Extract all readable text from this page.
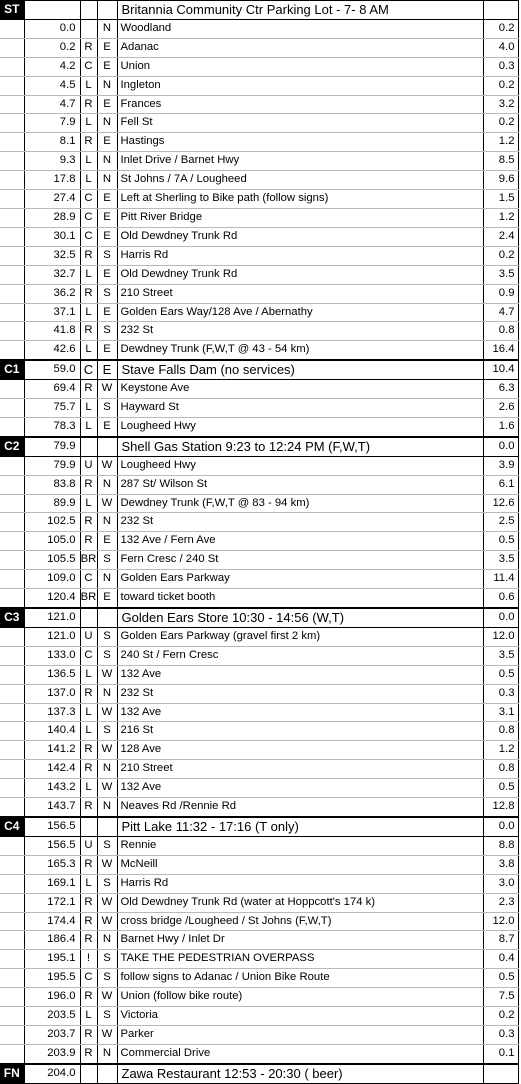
ST				Britannia Community Ctr Parking Lot - 7- 8 AM	
	0.0		N	Woodland	0.2
	0.2	R	E	Adanac	4.0
	4.2	C	E	Union	0.3
	4.5	L	N	Ingleton	0.2
	4.7	R	E	Frances	3.2
	7.9	L	N	Fell St	0.2
	8.1	R	E	Hastings	1.2
	9.3	L	N	Inlet Drive / Barnet Hwy	8.5
	17.8	L	N	St Johns / 7A / Lougheed	9.6
	27.4	C	E	Left at Sherling to Bike path (follow signs)	1.5
	28.9	C	E	Pitt River Bridge	1.2
	30.1	C	E	Old Dewdney Trunk Rd	2.4
	32.5	R	S	Harris Rd	0.2
	32.7	L	E	Old Dewdney Trunk Rd	3.5
	36.2	R	S	210 Street	0.9
	37.1	L	E	Golden Ears Way/128 Ave / Abernathy	4.7
	41.8	R	S	232 St	0.8
	42.6	L	E	Dewdney Trunk (F,W,T @ 43 - 54 km)	16.4

C1	59.0	C	E	Stave Falls Dam (no services)	10.4
	69.4	R	W	Keystone Ave	6.3
	75.7	L	S	Hayward St	2.6
	78.3	L	E	Lougheed Hwy	1.6

C2	79.9			Shell Gas Station 9:23 to 12:24 PM (F,W,T)	0.0
	79.9	U	W	Lougheed Hwy	3.9
	83.8	R	N	287 St/ Wilson St	6.1
	89.9	L	W	Dewdney Trunk (F,W,T @ 83 - 94 km)	12.6
	102.5	R	N	232 St	2.5
	105.0	R	E	132 Ave / Fern Ave	0.5
	105.5	BR	S	Fern Cresc / 240 St	3.5
	109.0	C	N	Golden Ears Parkway	11.4
	120.4	BR	E	toward ticket booth	0.6

C3	121.0			Golden Ears Store 10:30 - 14:56 (W,T)	0.0
	121.0	U	S	Golden Ears Parkway (gravel first 2 km)	12.0
	133.0	C	S	240 St / Fern Cresc	3.5
	136.5	L	W	132 Ave	0.5
	137.0	R	N	232 St	0.3
	137.3	L	W	132 Ave	3.1
	140.4	L	S	216 St	0.8
	141.2	R	W	128 Ave	1.2
	142.4	R	N	210 Street	0.8
	143.2	L	W	132 Ave	0.5
	143.7	R	N	Neaves Rd /Rennie Rd	12.8

C4	156.5			Pitt Lake 11:32 - 17:16 (T only)	0.0
	156.5	U	S	Rennie	8.8
	165.3	R	W	McNeill	3.8
	169.1	L	S	Harris Rd	3.0
	172.1	R	W	Old Dewdney Trunk Rd (water at Hoppcott's 174 k)	2.3
	174.4	R	W	cross bridge /Lougheed / St Johns (F,W,T)	12.0
	186.4	R	N	Barnet Hwy / Inlet Dr	8.7
	195.1	!	S	TAKE THE PEDESTRIAN OVERPASS	0.4
	195.5	C	S	follow signs to Adanac / Union Bike Route	0.5
	196.0	R	W	Union (follow bike route)	7.5
	203.5	L	S	Victoria	0.2
	203.7	R	W	Parker	0.3
	203.9	R	N	Commercial Drive	0.1

FN	204.0			Zawa Restaurant 12:53 - 20:30 ( beer)	
